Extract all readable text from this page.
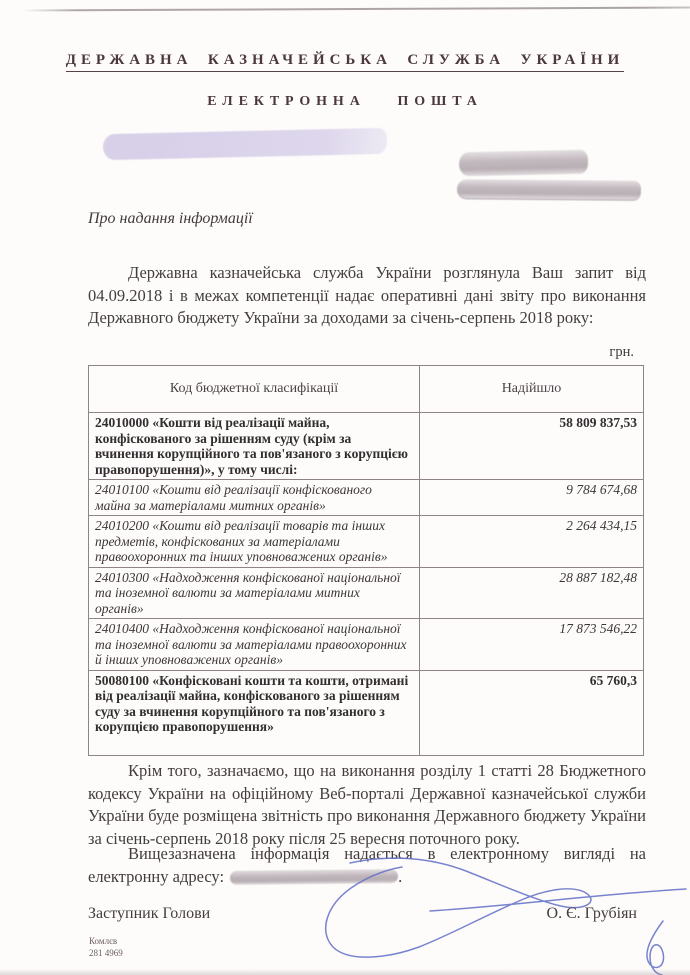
ДЕРЖАВНА КАЗНАЧЕЙСЬКА СЛУЖБА УКРАЇНИ
ЕЛЕКТРОННА ПОШТА
Про надання інформації
Державна казначейська служба України розглянула Ваш запит від 04.09.2018 і в межах компетенції надає оперативні дані звіту про виконання Державного бюджету України за доходами за січень-серпень 2018 року:
грн.
Код бюджетної класифікації	Надійшло
24010000 «Кошти від реалізації майна, конфіскованого за рішенням суду (крім за вчинення корупційного та пов'язаного з корупцією правопорушення)», у тому числі:	58 809 837,53
24010100 «Кошти від реалізації конфіскованого майна за матеріалами митних органів»	9 784 674,68
24010200 «Кошти від реалізації товарів та інших предметів, конфіскованих за матеріалами правоохоронних та інших уповноважених органів»	2 264 434,15
24010300 «Надходження конфіскованої національної та іноземної валюти за матеріалами митних органів»	28 887 182,48
24010400 «Надходження конфіскованої національної та іноземної валюти за матеріалами правоохоронних й інших уповноважених органів»	17 873 546,22
50080100 «Конфісковані кошти та кошти, отримані від реалізації майна, конфіскованого за рішенням суду за вчинення корупційного та пов'язаного з корупцією правопорушення»	65 760,3
Крім того, зазначаємо, що на виконання розділу 1 статті 28 Бюджетного кодексу України на офіційному Веб-порталі Державної казначейської служби України буде розміщена звітність про виконання Державного бюджету України за січень-серпень 2018 року після 25 вересня поточного року.
Вищезазначена інформація надається в електронному вигляді на
електронну адресу:	.
Заступник Голови	О. Є. Грубіян
Комлєв
281 4969
